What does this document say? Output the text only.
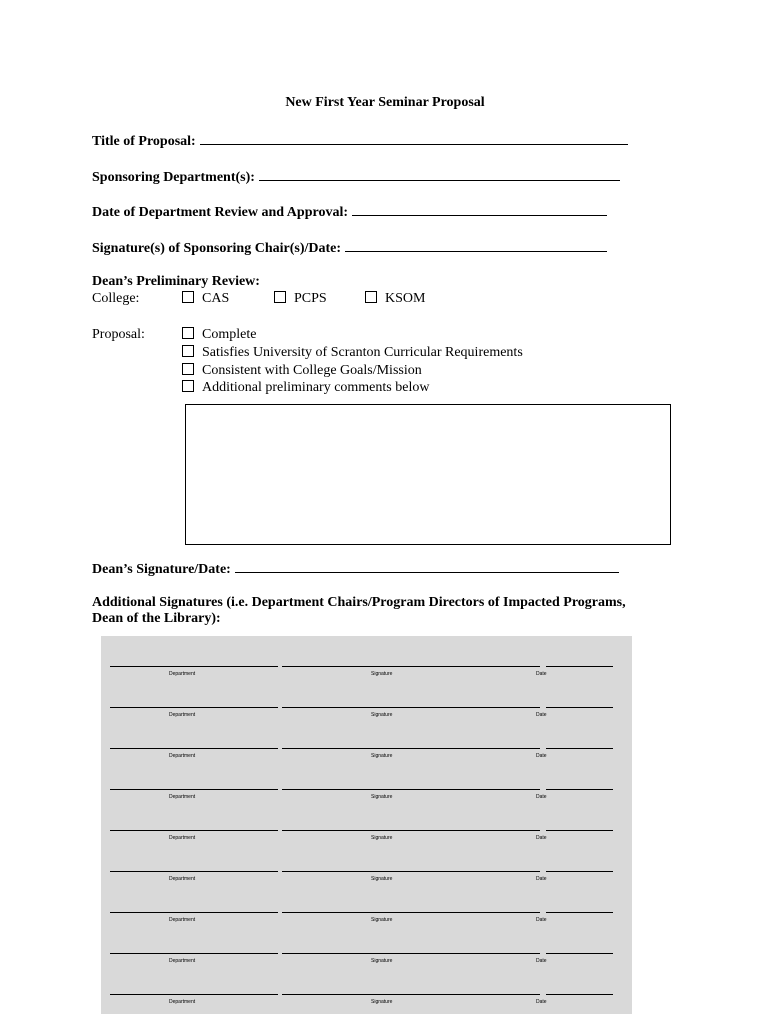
New First Year Seminar Proposal
Title of Proposal:
Sponsoring Department(s):
Date of Department Review and Approval:
Signature(s) of Sponsoring Chair(s)/Date:
Dean’s Preliminary Review:
College:	CAS	PCPS	KSOM
Proposal:	Complete
Satisfies University of Scranton Curricular Requirements
Consistent with College Goals/Mission
Additional preliminary comments below
Dean’s Signature/Date:
Additional Signatures (i.e. Department Chairs/Program Directors of Impacted Programs,
Dean of the Library):
Department	Signature	Date
Department	Signature	Date
Department	Signature	Date
Department	Signature	Date
Department	Signature	Date
Department	Signature	Date
Department	Signature	Date
Department	Signature	Date
Department	Signature	Date
